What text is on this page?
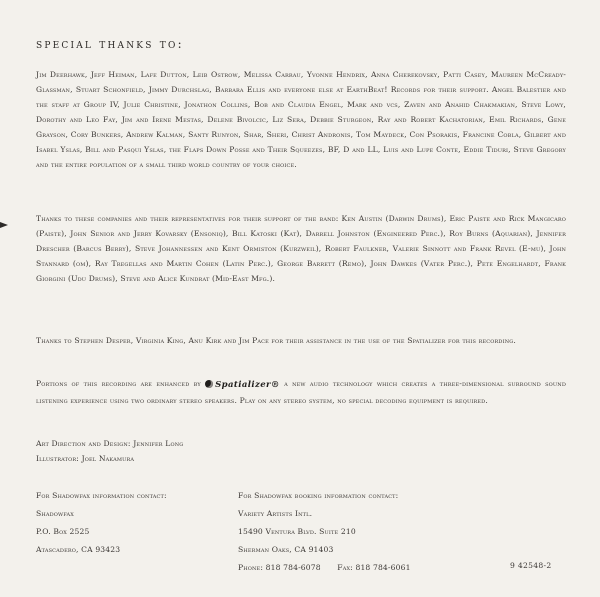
special thanks to:

Jim Deerhawk, Jeff Heiman, Lafe Dutton, Leib Ostrow, Melissa Carrau, Yvonne Hendrix, Anna Cherekovsky, Patti Casey, Maureen McCready-Glassman, Stuart Schonfield, Jimmy Durchslag, Barbara Ellis and everyone else at EarthBeat! Records for their support. Angel Balestier and the staff at Group IV, Julie Christine, Jonathon Collins, Bob and Claudia Engel, Mark and vcs, Zaven and Anahid Chakmakian, Steve Lowy, Dorothy and Leo Fay, Jim and Irene Mestas, Delene Bivolcic, Liz Sera, Debbie Sturgeon, Ray and Robert Kachatorian, Emil Richards, Gene Grayson, Cory Bunkers, Andrew Kalman, Santy Runyon, Shar, Sheri, Christ Andronis, Tom Maydeck, Con Psorakis, Francine Cobla, Gilbert and Isabel Yslas, Bill and Pasqui Yslas, the Flaps Down Posse and Their Squeezes, BF, D and LL, Luis and Lupe Conte, Eddie Tiduri, Steve Gregory and the entire population of a small third world country of your choice.

Thanks to these companies and their representatives for their support of the band: Ken Austin (Darwin Drums), Eric Paiste and Rick Mangicaro (Paiste), John Senior and Jerry Kovarsky (Ensoniq), Bill Katoski (Kat), Darrell Johnston (Engineered Perc.), Roy Burns (Aquarian), Jennifer Drescher (Barcus Berry), Steve Johannessen and Kent Ormiston (Kurzweil), Robert Faulkner, Valerie Sinnott and Frank Revel (E-mu), John Stannard (om), Ray Tregellas and Martin Cohen (Latin Perc.), George Barrett (Remo), John Dawkes (Vater Perc.), Pete Engelhardt, Frank Giorgini (Udu Drums), Steve and Alice Kundrat (Mid-East Mfg.).

Thanks to Stephen Desper, Virginia King, Anu Kirk and Jim Pace for their assistance in the use of the Spatializer for this recording.

Portions of this recording are enhanced by Spatializer® a new audio technology which creates a three-dimensional surround sound listening experience using two ordinary stereo speakers. Play on any stereo system, no special decoding equipment is required.

Art Direction and Design: Jennifer Long
Illustrator: Joel Nakamura

For Shadowfax information contact:
Shadowfax
P.O. Box 2525
Atascadero, CA 93423
For Shadowfax booking information contact:
Variety Artists Intl.
15490 Ventura Blvd. Suite 210
Sherman Oaks, CA 91403
Phone: 818 784-6078 Fax: 818 784-6061	9 42548-2
